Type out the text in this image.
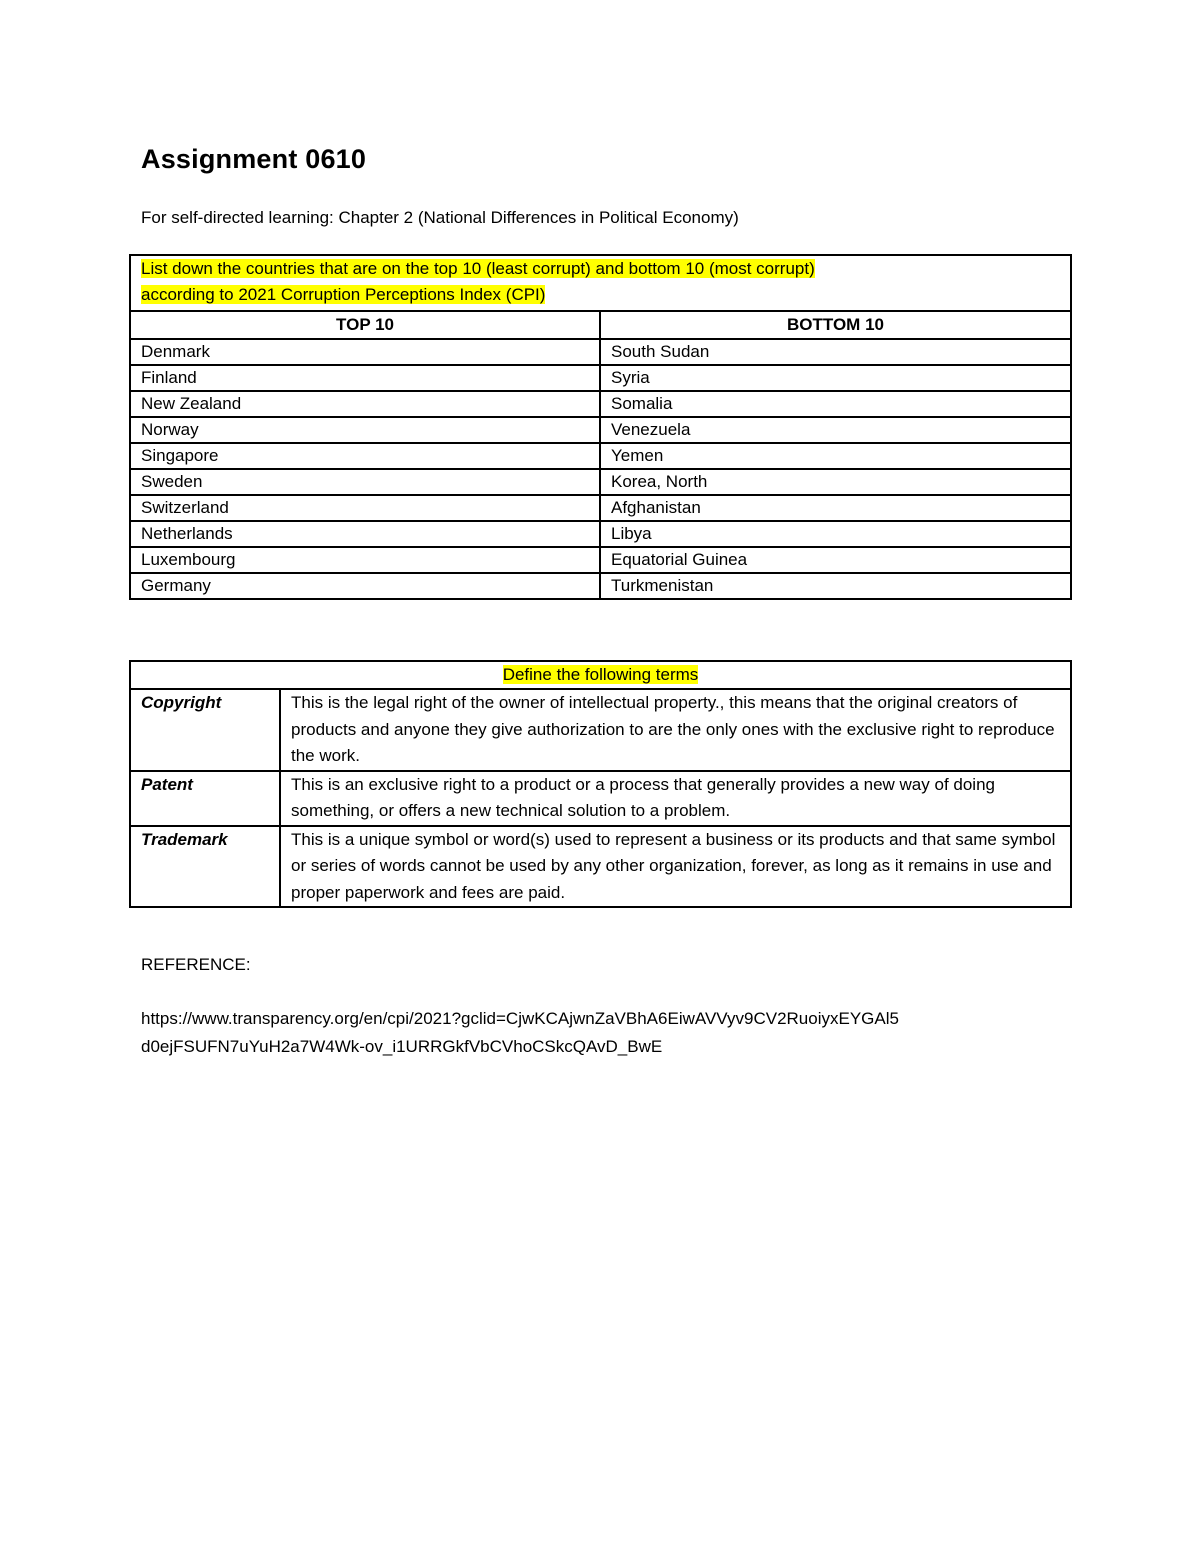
Assignment 0610
For self-directed learning: Chapter 2 (National Differences in Political Economy)
List down the countries that are on the top 10 (least corrupt) and bottom 10 (most corrupt)
according to 2021 Corruption Perceptions Index (CPI)	
TOP 10	BOTTOM 10
Denmark	South Sudan
Finland	Syria
New Zealand	Somalia
Norway	Venezuela
Singapore	Yemen
Sweden	Korea, North
Switzerland	Afghanistan
Netherlands	Libya
Luxembourg	Equatorial Guinea
Germany	Turkmenistan
Define the following terms	
Copyright	This is the legal right of the owner of intellectual property., this means that the original creators of products and anyone they give authorization to are the only ones with the exclusive right to reproduce the work.
Patent	This is an exclusive right to a product or a process that generally provides a new way of doing something, or offers a new technical solution to a problem.
Trademark	This is a unique symbol or word(s) used to represent a business or its products and that same symbol or series of words cannot be used by any other organization, forever, as long as it remains in use and proper paperwork and fees are paid.
REFERENCE:
https://www.transparency.org/en/cpi/2021?gclid=CjwKCAjwnZaVBhA6EiwAVVyv9CV2RuoiyxEYGAl5d0ejFSUFN7uYuH2a7W4Wk-ov_i1URRGkfVbCVhoCSkcQAvD_BwE
